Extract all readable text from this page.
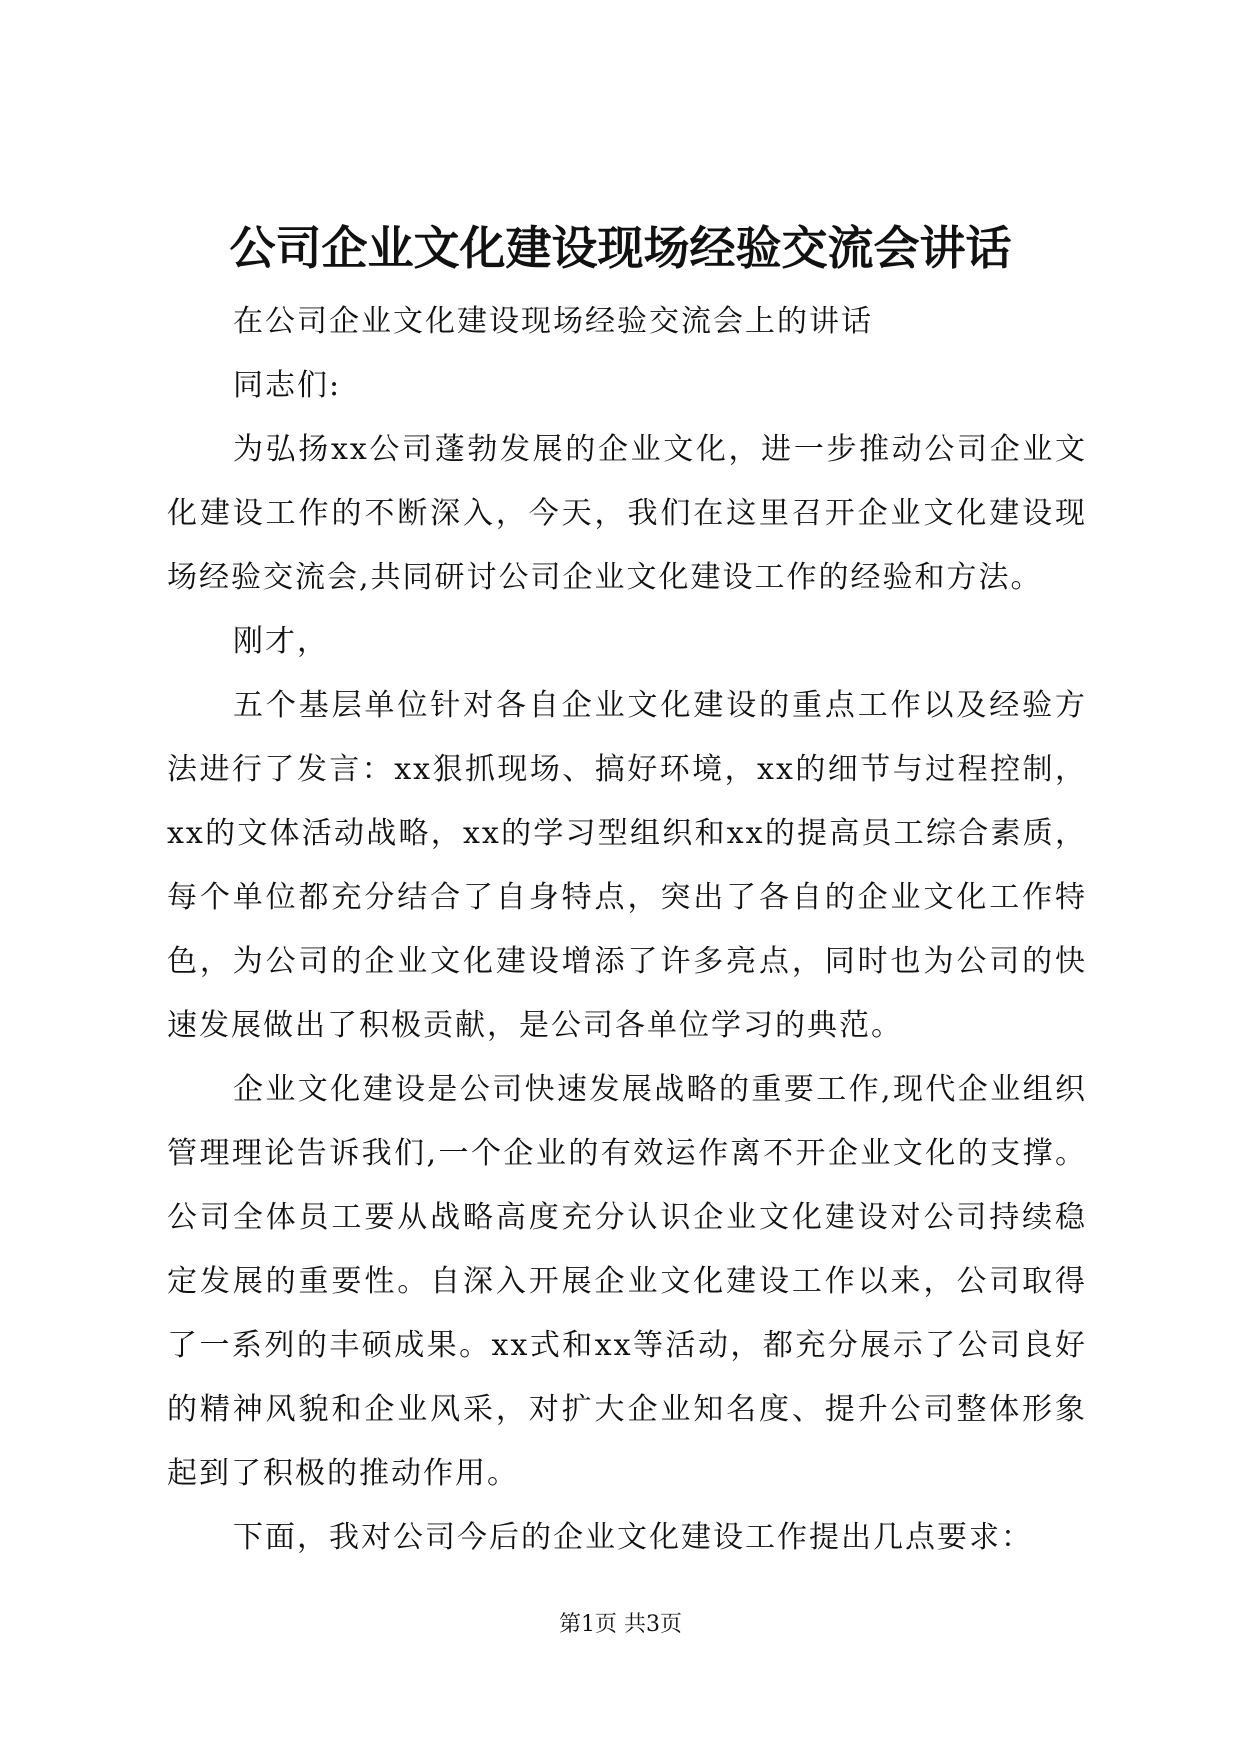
公司企业文化建设现场经验交流会讲话

在公司企业文化建设现场经验交流会上的讲话

同志们:

为弘扬xx公司蓬勃发展的企业文化，进一步推动公司企业文化建设工作的不断深入，今天，我们在这里召开企业文化建设现场经验交流会,共同研讨公司企业文化建设工作的经验和方法。

刚才，

五个基层单位针对各自企业文化建设的重点工作以及经验方法进行了发言：xx狠抓现场、搞好环境，xx的细节与过程控制，xx的文体活动战略，xx的学习型组织和xx的提高员工综合素质，每个单位都充分结合了自身特点，突出了各自的企业文化工作特色，为公司的企业文化建设增添了许多亮点，同时也为公司的快速发展做出了积极贡献，是公司各单位学习的典范。

企业文化建设是公司快速发展战略的重要工作,现代企业组织管理理论告诉我们,一个企业的有效运作离不开企业文化的支撑。公司全体员工要从战略高度充分认识企业文化建设对公司持续稳定发展的重要性。自深入开展企业文化建设工作以来，公司取得了一系列的丰硕成果。xx式和xx等活动，都充分展示了公司良好的精神风貌和企业风采，对扩大企业知名度、提升公司整体形象起到了积极的推动作用。

下面，我对公司今后的企业文化建设工作提出几点要求：

第1页 共3页
